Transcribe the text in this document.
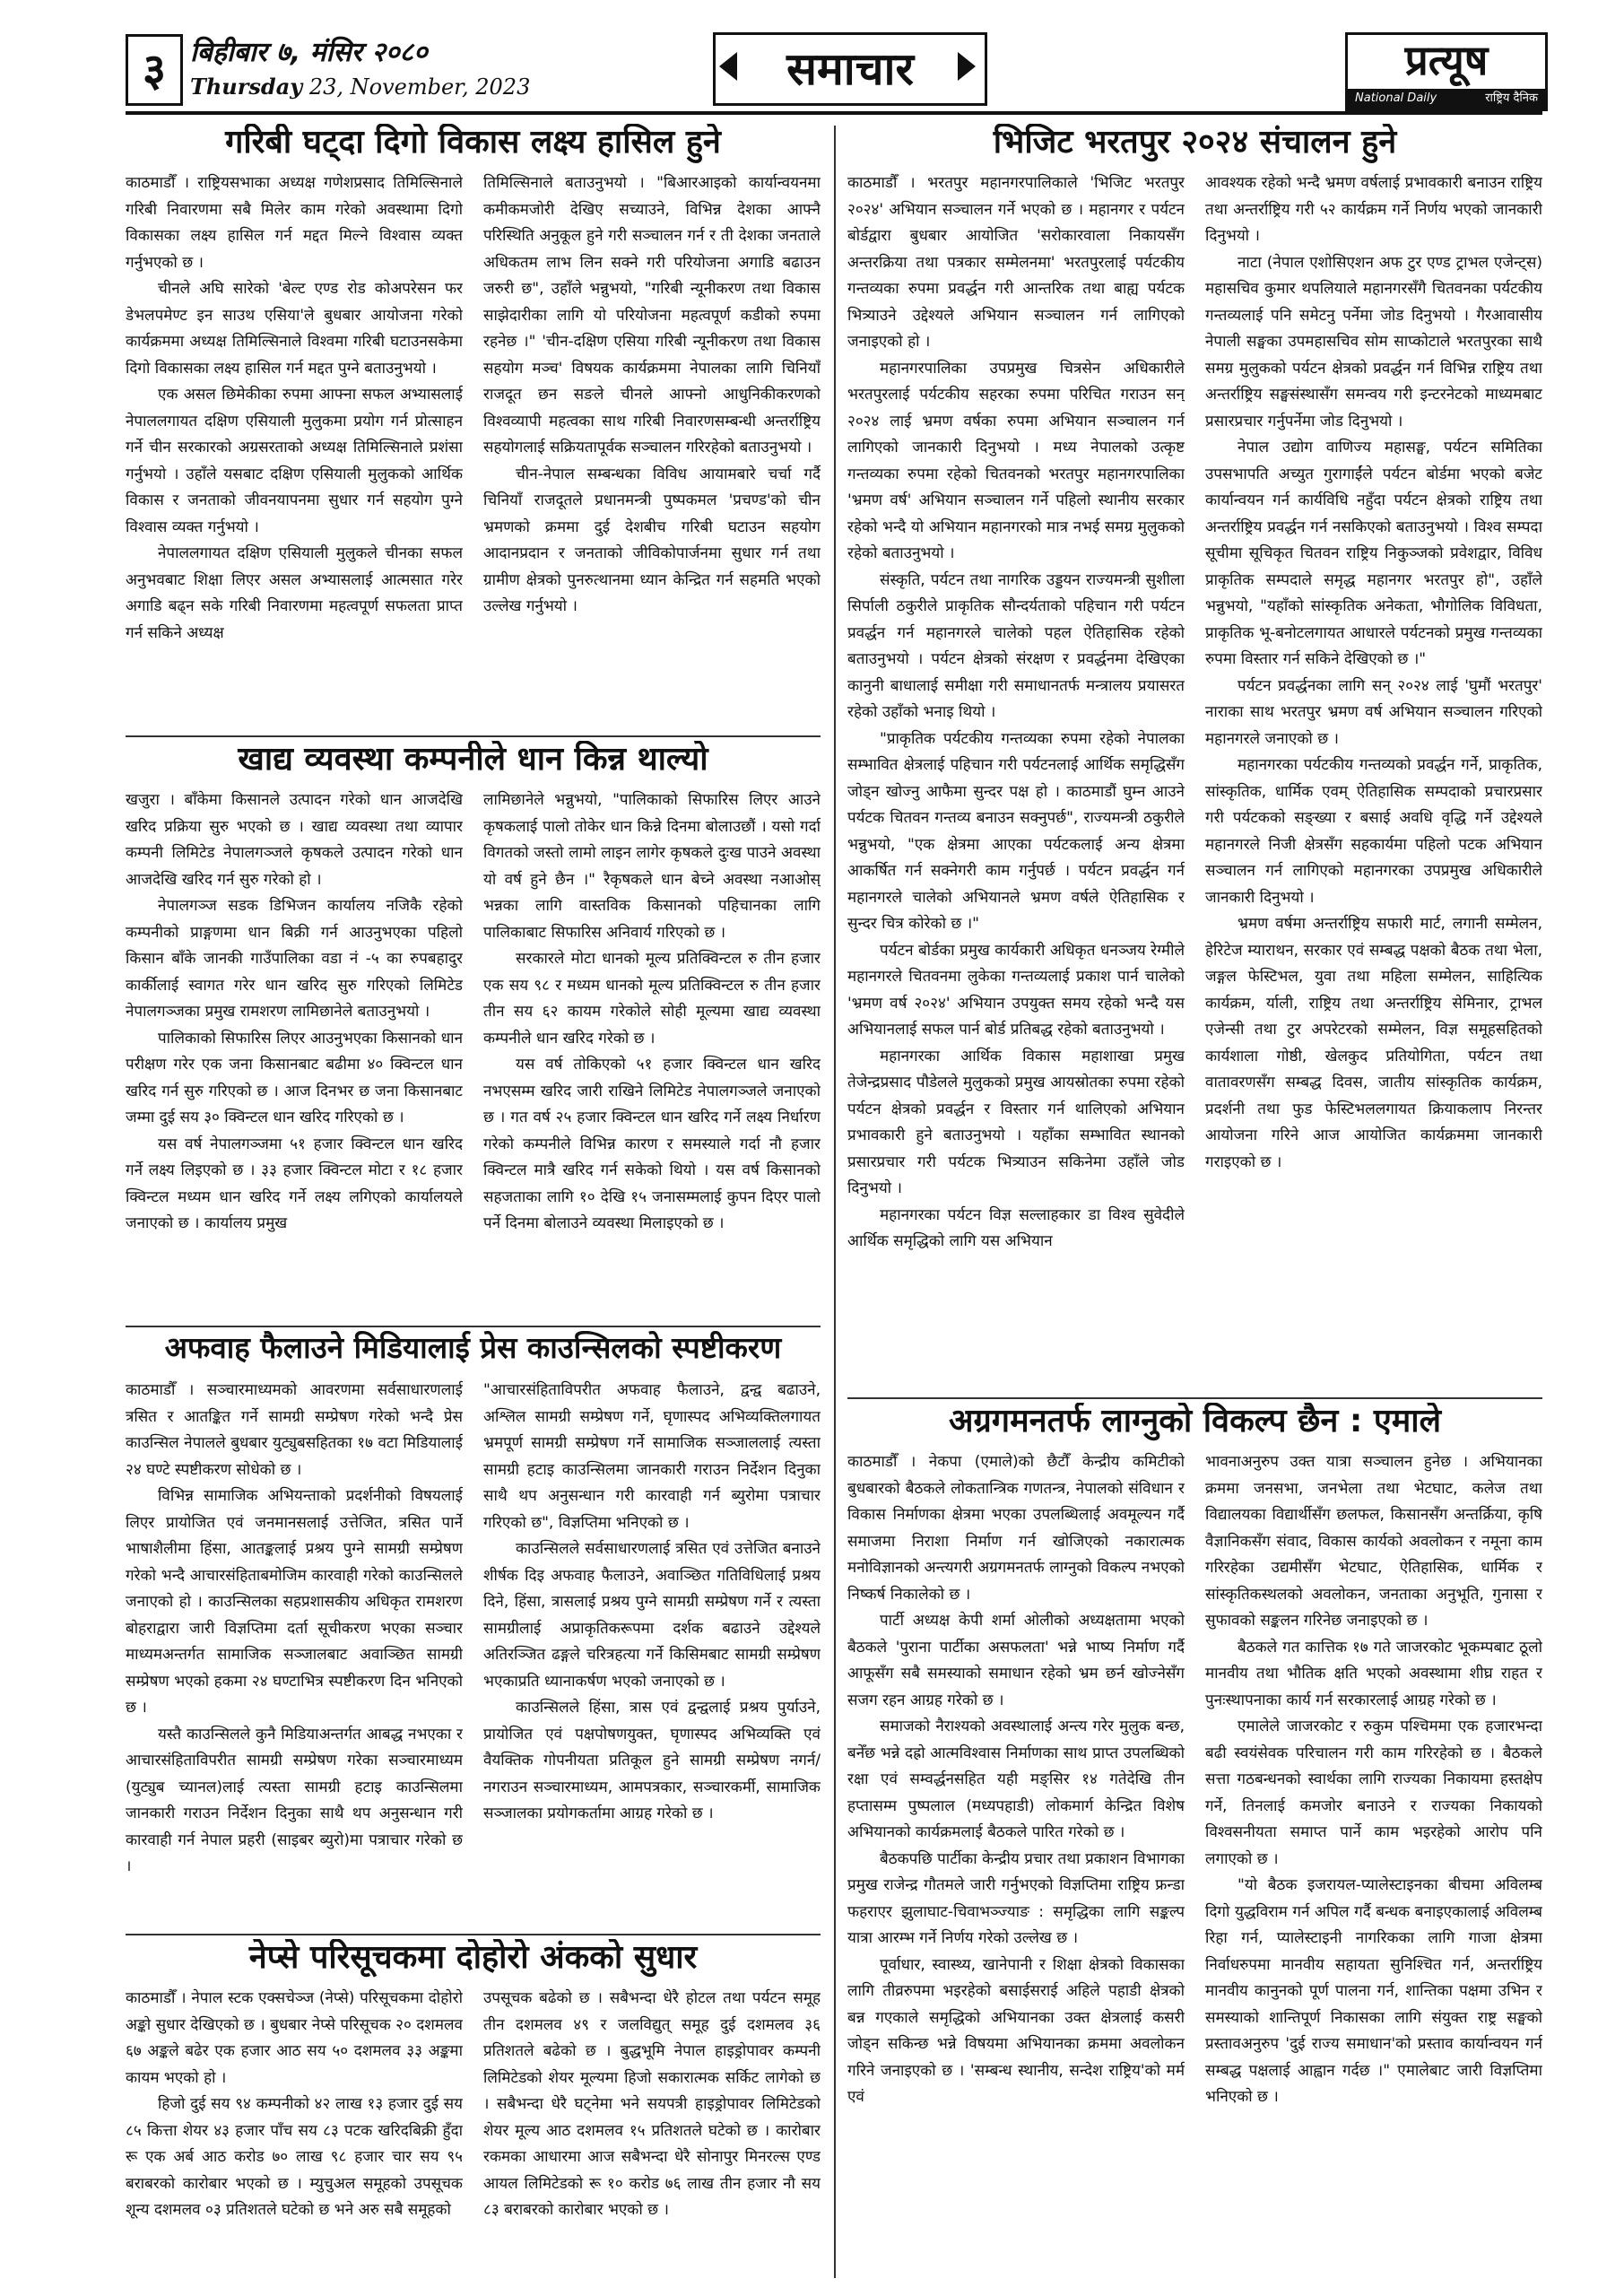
३ बिहीबार ७, मंसिर २०८०
Thursday 23, November, 2023	समाचार	प्रत्यूष
National Daily	राष्ट्रिय दैनिक
गरिबी घट्दा दिगो विकास लक्ष्य हासिल हुने

काठमाडौँ । राष्ट्रियसभाका अध्यक्ष गणेशप्रसाद तिमिल्सिनाले गरिबी निवारणमा सबै मिलेर काम गरेको अवस्थामा दिगो विकासका लक्ष्य हासिल गर्न मद्दत मिल्ने विश्वास व्यक्त गर्नुभएको छ ।

चीनले अघि सारेको 'बेल्ट एण्ड रोड कोअपरेसन फर डेभलपमेण्ट इन साउथ एसिया'ले बुधबार आयोजना गरेको कार्यक्रममा अध्यक्ष तिमिल्सिनाले विश्वमा गरिबी घटाउनसकेमा दिगो विकासका लक्ष्य हासिल गर्न मद्दत पुग्ने बताउनुभयो ।

एक असल छिमेकीका रुपमा आफ्ना सफल अभ्यासलाई नेपाललगायत दक्षिण एसियाली मुलुकमा प्रयोग गर्न प्रोत्साहन गर्ने चीन सरकारको अग्रसरताको अध्यक्ष तिमिल्सिनाले प्रशंसा गर्नुभयो । उहाँले यसबाट दक्षिण एसियाली मुलुकको आर्थिक विकास र जनताको जीवनयापनमा सुधार गर्न सहयोग पुग्ने विश्वास व्यक्त गर्नुभयो ।

नेपाललगायत दक्षिण एसियाली मुलुकले चीनका सफल अनुभवबाट शिक्षा लिएर असल अभ्यासलाई आत्मसात गरेर अगाडि बढ्न सके गरिबी निवारणमा महत्वपूर्ण सफलता प्राप्त गर्न सकिने अध्यक्ष

तिमिल्सिनाले बताउनुभयो । "बिआरआइको कार्यान्वयनमा कमीकमजोरी देखिए सच्याउने, विभिन्न देशका आफ्नै परिस्थिति अनुकूल हुने गरी सञ्चालन गर्न र ती देशका जनताले अधिकतम लाभ लिन सक्ने गरी परियोजना अगाडि बढाउन जरुरी छ", उहाँले भन्नुभयो, "गरिबी न्यूनीकरण तथा विकास साझेदारीका लागि यो परियोजना महत्वपूर्ण कडीको रुपमा रहनेछ ।" 'चीन-दक्षिण एसिया गरिबी न्यूनीकरण तथा विकास सहयोग मञ्च' विषयक कार्यक्रममा नेपालका लागि चिनियाँ राजदूत छन सङले चीनले आफ्नो आधुनिकीकरणको विश्वव्यापी महत्वका साथ गरिबी निवारणसम्बन्धी अन्तर्राष्ट्रिय सहयोगलाई सक्रियतापूर्वक सञ्चालन गरिरहेको बताउनुभयो ।

चीन-नेपाल सम्बन्धका विविध आयामबारे चर्चा गर्दै चिनियाँ राजदूतले प्रधानमन्त्री पुष्पकमल 'प्रचण्ड'को चीन भ्रमणको क्रममा दुई देशबीच गरिबी घटाउन सहयोग आदानप्रदान र जनताको जीविकोपार्जनमा सुधार गर्न तथा ग्रामीण क्षेत्रको पुनरुत्थानमा ध्यान केन्द्रित गर्न सहमति भएको उल्लेख गर्नुभयो ।

खाद्य व्यवस्था कम्पनीले धान किन्न थाल्यो

खजुरा । बाँकेमा किसानले उत्पादन गरेको धान आजदेखि खरिद प्रक्रिया सुरु भएको छ । खाद्य व्यवस्था तथा व्यापार कम्पनी लिमिटेड नेपालगञ्जले कृषकले उत्पादन गरेको धान आजदेखि खरिद गर्न सुरु गरेको हो ।

नेपालगञ्ज सडक डिभिजन कार्यालय नजिकै रहेको कम्पनीको प्राङ्गणमा धान बिक्री गर्न आउनुभएका पहिलो किसान बाँके जानकी गाउँपालिका वडा नं -५ का रुपबहादुर कार्कीलाई स्वागत गरेर धान खरिद सुरु गरिएको लिमिटेड नेपालगञ्जका प्रमुख रामशरण लामिछानेले बताउनुभयो ।

पालिकाको सिफारिस लिएर आउनुभएका किसानको धान परीक्षण गरेर एक जना किसानबाट बढीमा ४० क्विन्टल धान खरिद गर्न सुरु गरिएको छ । आज दिनभर छ जना किसानबाट जम्मा दुई सय ३० क्विन्टल धान खरिद गरिएको छ ।

यस वर्ष नेपालगञ्जमा ५१ हजार क्विन्टल धान खरिद गर्ने लक्ष्य लिइएको छ । ३३ हजार क्विन्टल मोटा र १८ हजार क्विन्टल मध्यम धान खरिद गर्ने लक्ष्य लगिएको कार्यालयले जनाएको छ । कार्यालय प्रमुख

लामिछानेले भन्नुभयो, "पालिकाको सिफारिस लिएर आउने कृषकलाई पालो तोकेर धान किन्ने दिनमा बोलाउछौं । यसो गर्दा विगतको जस्तो लामो लाइन लागेर कृषकले दुःख पाउने अवस्था यो वर्ष हुने छैन ।" रैकृषकले धान बेच्ने अवस्था नआओस् भन्नका लागि वास्तविक किसानको पहिचानका लागि पालिकाबाट सिफारिस अनिवार्य गरिएको छ ।

सरकारले मोटा धानको मूल्य प्रतिक्विन्टल रु तीन हजार एक सय ९८ र मध्यम धानको मूल्य प्रतिक्विन्टल रु तीन हजार तीन सय ६२ कायम गरेकोले सोही मूल्यमा खाद्य व्यवस्था कम्पनीले धान खरिद गरेको छ ।

यस वर्ष तोकिएको ५१ हजार क्विन्टल धान खरिद नभएसम्म खरिद जारी राखिने लिमिटेड नेपालगञ्जले जनाएको छ । गत वर्ष २५ हजार क्विन्टल धान खरिद गर्ने लक्ष्य निर्धारण गरेको कम्पनीले विभिन्न कारण र समस्याले गर्दा नौ हजार क्विन्टल मात्रै खरिद गर्न सकेको थियो । यस वर्ष किसानको सहजताका लागि १० देखि १५ जनासम्मलाई कुपन दिएर पालो पर्ने दिनमा बोलाउने व्यवस्था मिलाइएको छ ।

अफवाह फैलाउने मिडियालाई प्रेस काउन्सिलको स्पष्टीकरण

काठमाडौँ । सञ्चारमाध्यमको आवरणमा सर्वसाधारणलाई त्रसित र आतङ्कित गर्ने सामग्री सम्प्रेषण गरेको भन्दै प्रेस काउन्सिल नेपालले बुधबार युट्युबसहितका १७ वटा मिडियालाई २४ घण्टे स्पष्टीकरण सोधेको छ ।

विभिन्न सामाजिक अभियन्ताको प्रदर्शनीको विषयलाई लिएर प्रायोजित एवं जनमानसलाई उत्तेजित, त्रसित पार्ने भाषाशैलीमा हिंसा, आतङ्कलाई प्रश्रय पुग्ने सामग्री सम्प्रेषण गरेको भन्दै आचारसंहिताबमोजिम कारवाही गरेको काउन्सिलले जनाएको हो । काउन्सिलका सहप्रशासकीय अधिकृत रामशरण बोहराद्वारा जारी विज्ञप्तिमा दर्ता सूचीकरण भएका सञ्चार माध्यमअन्तर्गत सामाजिक सञ्जालबाट अवाञ्छित सामग्री सम्प्रेषण भएको हकमा २४ घण्टाभित्र स्पष्टीकरण दिन भनिएको छ ।

यस्तै काउन्सिलले कुनै मिडियाअन्तर्गत आबद्ध नभएका र आचारसंहिताविपरीत सामग्री सम्प्रेषण गरेका सञ्चारमाध्यम (युट्युब च्यानल)लाई त्यस्ता सामग्री हटाइ काउन्सिलमा जानकारी गराउन निर्देशन दिनुका साथै थप अनुसन्धान गरी कारवाही गर्न नेपाल प्रहरी (साइबर ब्युरो)मा पत्राचार गरेको छ ।

"आचारसंहिताविपरीत अफवाह फैलाउने, द्वन्द्व बढाउने, अश्लिल सामग्री सम्प्रेषण गर्ने, घृणास्पद अभिव्यक्तिलगायत भ्रमपूर्ण सामग्री सम्प्रेषण गर्ने सामाजिक सञ्जाललाई त्यस्ता सामग्री हटाइ काउन्सिलमा जानकारी गराउन निर्देशन दिनुका साथै थप अनुसन्धान गरी कारवाही गर्न ब्युरोमा पत्राचार गरिएको छ", विज्ञप्तिमा भनिएको छ ।

काउन्सिलले सर्वसाधारणलाई त्रसित एवं उत्तेजित बनाउने शीर्षक दिइ अफवाह फैलाउने, अवाञ्छित गतिविधिलाई प्रश्रय दिने, हिंसा, त्रासलाई प्रश्रय पुग्ने सामग्री सम्प्रेषण गर्ने र त्यस्ता सामग्रीलाई अप्राकृतिकरूपमा दर्शक बढाउने उद्देश्यले अतिरञ्जित ढङ्गले चरित्रहत्या गर्ने किसिमबाट सामग्री सम्प्रेषण भएकाप्रति ध्यानाकर्षण भएको जनाएको छ ।

काउन्सिलले हिंसा, त्रास एवं द्वन्द्वलाई प्रश्रय पुर्याउने, प्रायोजित एवं पक्षपोषणयुक्त, घृणास्पद अभिव्यक्ति एवं वैयक्तिक गोपनीयता प्रतिकूल हुने सामग्री सम्प्रेषण नगर्न/नगराउन सञ्चारमाध्यम, आमपत्रकार, सञ्चारकर्मी, सामाजिक सञ्जालका प्रयोगकर्तामा आग्रह गरेको छ ।

नेप्से परिसूचकमा दोहोरो अंकको सुधार

काठमाडौँ । नेपाल स्टक एक्सचेञ्ज (नेप्से) परिसूचकमा दोहोरो अङ्को सुधार देखिएको छ । बुधबार नेप्से परिसूचक २० दशमलव ६७ अङ्कले बढेर एक हजार आठ सय ५० दशमलव ३३ अङ्कमा कायम भएको हो ।

हिजो दुई सय ९४ कम्पनीको ४२ लाख १३ हजार दुई सय ८५ कित्ता शेयर ४३ हजार पाँच सय ८३ पटक खरिदबिक्री हुँदा रू एक अर्ब आठ करोड ७० लाख ९८ हजार चार सय ९५ बराबरको कारोबार भएको छ । म्युचुअल समूहको उपसूचक शून्य दशमलव ०३ प्रतिशतले घटेको छ भने अरु सबै समूहको

उपसूचक बढेको छ । सबैभन्दा धेरै होटल तथा पर्यटन समूह तीन दशमलव ४९ र जलविद्युत् समूह दुई दशमलव ३६ प्रतिशतले बढेको छ । बुद्धभूमि नेपाल हाइड्रोपावर कम्पनी लिमिटेडको शेयर मूल्यमा हिजो सकारात्मक सर्किट लागेको छ । सबैभन्दा धेरै घट्नेमा भने सयपत्री हाइड्रोपावर लिमिटेडको शेयर मूल्य आठ दशमलव १५ प्रतिशतले घटेको छ । कारोबार रकमका आधारमा आज सबैभन्दा धेरै सोनापुर मिनरल्स एण्ड आयल लिमिटेडको रू १० करोड ७६ लाख तीन हजार नौ सय ८३ बराबरको कारोबार भएको छ ।

भिजिट भरतपुर २०२४ संचालन हुने

काठमाडौँ । भरतपुर महानगरपालिकाले 'भिजिट भरतपुर २०२४' अभियान सञ्चालन गर्ने भएको छ । महानगर र पर्यटन बोर्डद्वारा बुधबार आयोजित 'सरोकारवाला निकायसँग अन्तरक्रिया तथा पत्रकार सम्मेलनमा' भरतपुरलाई पर्यटकीय गन्तव्यका रुपमा प्रवर्द्धन गरी आन्तरिक तथा बाह्य पर्यटक भित्र्याउने उद्देश्यले अभियान सञ्चालन गर्न लागिएको जनाइएको हो ।

महानगरपालिका उपप्रमुख चित्रसेन अधिकारीले भरतपुरलाई पर्यटकीय सहरका रुपमा परिचित गराउन सन् २०२४ लाई भ्रमण वर्षका रुपमा अभियान सञ्चालन गर्न लागिएको जानकारी दिनुभयो । मध्य नेपालको उत्कृष्ट गन्तव्यका रुपमा रहेको चितवनको भरतपुर महानगरपालिका 'भ्रमण वर्ष' अभियान सञ्चालन गर्ने पहिलो स्थानीय सरकार रहेको भन्दै यो अभियान महानगरको मात्र नभई समग्र मुलुकको रहेको बताउनुभयो ।

संस्कृति, पर्यटन तथा नागरिक उड्डयन राज्यमन्त्री सुशीला सिर्पाली ठकुरीले प्राकृतिक सौन्दर्यताको पहिचान गरी पर्यटन प्रवर्द्धन गर्न महानगरले चालेको पहल ऐतिहासिक रहेको बताउनुभयो । पर्यटन क्षेत्रको संरक्षण र प्रवर्द्धनमा देखिएका कानुनी बाधालाई समीक्षा गरी समाधानतर्फ मन्त्रालय प्रयासरत रहेको उहाँको भनाइ थियो ।

"प्राकृतिक पर्यटकीय गन्तव्यका रुपमा रहेको नेपालका सम्भावित क्षेत्रलाई पहिचान गरी पर्यटनलाई आर्थिक समृद्धिसँग जोड्न खोज्नु आफैमा सुन्दर पक्ष हो । काठमाडौं घुम्न आउने पर्यटक चितवन गन्तव्य बनाउन सक्नुपर्छ", राज्यमन्त्री ठकुरीले भन्नुभयो, "एक क्षेत्रमा आएका पर्यटकलाई अन्य क्षेत्रमा आकर्षित गर्न सक्नेगरी काम गर्नुपर्छ । पर्यटन प्रवर्द्धन गर्न महानगरले चालेको अभियानले भ्रमण वर्षले ऐतिहासिक र सुन्दर चित्र कोरेको छ ।"

पर्यटन बोर्डका प्रमुख कार्यकारी अधिकृत धनञ्जय रेग्मीले महानगरले चितवनमा लुकेका गन्तव्यलाई प्रकाश पार्न चालेको 'भ्रमण वर्ष २०२४' अभियान उपयुक्त समय रहेको भन्दै यस अभियानलाई सफल पार्न बोर्ड प्रतिबद्ध रहेको बताउनुभयो ।

महानगरका आर्थिक विकास महाशाखा प्रमुख तेजेन्द्रप्रसाद पौडेलले मुलुकको प्रमुख आयस्रोतका रुपमा रहेको पर्यटन क्षेत्रको प्रवर्द्धन र विस्तार गर्न थालिएको अभियान प्रभावकारी हुने बताउनुभयो । यहाँका सम्भावित स्थानको प्रसारप्रचार गरी पर्यटक भित्र्याउन सकिनेमा उहाँले जोड दिनुभयो ।

महानगरका पर्यटन विज्ञ सल्लाहकार डा विश्व सुवेदीले आर्थिक समृद्धिको लागि यस अभियान

आवश्यक रहेको भन्दै भ्रमण वर्षलाई प्रभावकारी बनाउन राष्ट्रिय तथा अन्तर्राष्ट्रिय गरी ५२ कार्यक्रम गर्ने निर्णय भएको जानकारी दिनुभयो ।

नाटा (नेपाल एशोसिएशन अफ टुर एण्ड ट्राभल एजेन्ट्स) महासचिव कुमार थपलियाले महानगरसँगै चितवनका पर्यटकीय गन्तव्यलाई पनि समेटनु पर्नेमा जोड दिनुभयो । गैरआवासीय नेपाली सङ्घका उपमहासचिव सोम साप्कोटाले भरतपुरका साथै समग्र मुलुकको पर्यटन क्षेत्रको प्रवर्द्धन गर्न विभिन्न राष्ट्रिय तथा अन्तर्राष्ट्रिय सङ्घसंस्थासँग समन्वय गरी इन्टरनेटको माध्यमबाट प्रसारप्रचार गर्नुपर्नेमा जोड दिनुभयो ।

नेपाल उद्योग वाणिज्य महासङ्घ, पर्यटन समितिका उपसभापति अच्युत गुरागाईंले पर्यटन बोर्डमा भएको बजेट कार्यान्वयन गर्न कार्यविधि नहुँदा पर्यटन क्षेत्रको राष्ट्रिय तथा अन्तर्राष्ट्रिय प्रवर्द्धन गर्न नसकिएको बताउनुभयो । विश्व सम्पदा सूचीमा सूचिकृत चितवन राष्ट्रिय निकुञ्जको प्रवेशद्वार, विविध प्राकृतिक सम्पदाले समृद्ध महानगर भरतपुर हो", उहाँले भन्नुभयो, "यहाँको सांस्कृतिक अनेकता, भौगोलिक विविधता, प्राकृतिक भू-बनोटलगायत आधारले पर्यटनको प्रमुख गन्तव्यका रुपमा विस्तार गर्न सकिने देखिएको छ ।"

पर्यटन प्रवर्द्धनका लागि सन् २०२४ लाई 'घुमौं भरतपुर' नाराका साथ भरतपुर भ्रमण वर्ष अभियान सञ्चालन गरिएको महानगरले जनाएको छ ।

महानगरका पर्यटकीय गन्तव्यको प्रवर्द्धन गर्ने, प्राकृतिक, सांस्कृतिक, धार्मिक एवम् ऐतिहासिक सम्पदाको प्रचारप्रसार गरी पर्यटकको सङ्ख्या र बसाई अवधि वृद्धि गर्ने उद्देश्यले महानगरले निजी क्षेत्रसँग सहकार्यमा पहिलो पटक अभियान सञ्चालन गर्न लागिएको महानगरका उपप्रमुख अधिकारीले जानकारी दिनुभयो ।

भ्रमण वर्षमा अन्तर्राष्ट्रिय सफारी मार्ट, लगानी सम्मेलन, हेरिटेज म्याराथन, सरकार एवं सम्बद्ध पक्षको बैठक तथा भेला, जङ्गल फेस्टिभल, युवा तथा महिला सम्मेलन, साहित्यिक कार्यक्रम, र्याली, राष्ट्रिय तथा अन्तर्राष्ट्रिय सेमिनार, ट्राभल एजेन्सी तथा टुर अपरेटरको सम्मेलन, विज्ञ समूहसहितको कार्यशाला गोष्ठी, खेलकुद प्रतियोगिता, पर्यटन तथा वातावरणसँग सम्बद्ध दिवस, जातीय सांस्कृतिक कार्यक्रम, प्रदर्शनी तथा फुड फेस्टिभललगायत क्रियाकलाप निरन्तर आयोजना गरिने आज आयोजित कार्यक्रममा जानकारी गराइएको छ ।

अग्रगमनतर्फ लाग्नुको विकल्प छैन : एमाले

काठमाडौँ । नेकपा (एमाले)को छैटौँ केन्द्रीय कमिटीको बुधबारको बैठकले लोकतान्त्रिक गणतन्त्र, नेपालको संविधान र विकास निर्माणका क्षेत्रमा भएका उपलब्धिलाई अवमूल्यन गर्दै समाजमा निराशा निर्माण गर्न खोजिएको नकारात्मक मनोविज्ञानको अन्त्यगरी अग्रगमनतर्फ लाग्नुको विकल्प नभएको निष्कर्ष निकालेको छ ।

पार्टी अध्यक्ष केपी शर्मा ओलीको अध्यक्षतामा भएको बैठकले 'पुराना पार्टीका असफलता' भन्ने भाष्य निर्माण गर्दै आफूसँग सबै समस्याको समाधान रहेको भ्रम छर्न खोज्नेसँग सजग रहन आग्रह गरेको छ ।

समाजको नैराश्यको अवस्थालाई अन्त्य गरेर मुलुक बन्छ, बनेँछ भन्ने दह्रो आत्मविश्वास निर्माणका साथ प्राप्त उपलब्धिको रक्षा एवं सम्वर्द्धनसहित यही मङ्सिर १४ गतेदेखि तीन हप्तासम्म पुष्पलाल (मध्यपहाडी) लोकमार्ग केन्द्रित विशेष अभियानको कार्यक्रमलाई बैठकले पारित गरेको छ ।

बैठकपछि पार्टीका केन्द्रीय प्रचार तथा प्रकाशन विभागका प्रमुख राजेन्द्र गौतमले जारी गर्नुभएको विज्ञप्तिमा राष्ट्रिय फ्रन्डा फहराएर झुलाघाट-चिवाभञ्ज्याङ : समृद्धिका लागि सङ्कल्प यात्रा आरम्भ गर्ने निर्णय गरेको उल्लेख छ ।

पूर्वाधार, स्वास्थ्य, खानेपानी र शिक्षा क्षेत्रको विकासका लागि तीव्ररुपमा भइरहेको बसाईसराई अहिले पहाडी क्षेत्रको बन्न गएकाले समृद्धिको अभियानका उक्त क्षेत्रलाई कसरी जोड्न सकिन्छ भन्ने विषयमा अभियानका क्रममा अवलोकन गरिने जनाइएको छ । 'सम्बन्ध स्थानीय, सन्देश राष्ट्रिय'को मर्म एवं

भावनाअनुरुप उक्त यात्रा सञ्चालन हुनेछ । अभियानका क्रममा जनसभा, जनभेला तथा भेटघाट, कलेज तथा विद्यालयका विद्यार्थीसँग छलफल, किसानसँग अन्तर्क्रिया, कृषि वैज्ञानिकसँग संवाद, विकास कार्यको अवलोकन र नमूना काम गरिरहेका उद्यमीसँग भेटघाट, ऐतिहासिक, धार्मिक र सांस्कृतिकस्थलको अवलोकन, जनताका अनुभूति, गुनासा र सुफावको सङ्कलन गरिनेछ जनाइएको छ ।

बैठकले गत कात्तिक १७ गते जाजरकोट भूकम्पबाट ठूलो मानवीय तथा भौतिक क्षति भएको अवस्थामा शीघ्र राहत र पुनःस्थापनाका कार्य गर्न सरकारलाई आग्रह गरेको छ ।

एमालेले जाजरकोट र रुकुम पश्चिममा एक हजारभन्दा बढी स्वयंसेवक परिचालन गरी काम गरिरहेको छ । बैठकले सत्ता गठबन्धनको स्वार्थका लागि राज्यका निकायमा हस्तक्षेप गर्ने, तिनलाई कमजोर बनाउने र राज्यका निकायको विश्वसनीयता समाप्त पार्ने काम भइरहेको आरोप पनि लगाएको छ ।

"यो बैठक इजरायल-प्यालेस्टाइनका बीचमा अविलम्ब दिगो युद्धविराम गर्न अपिल गर्दै बन्धक बनाइएकालाई अविलम्ब रिहा गर्न, प्यालेस्टाइनी नागरिकका लागि गाजा क्षेत्रमा निर्वाधरुपमा मानवीय सहायता सुनिश्चित गर्न, अन्तर्राष्ट्रिय मानवीय कानुनको पूर्ण पालना गर्न, शान्तिका पक्षमा उभिन र समस्याको शान्तिपूर्ण निकासका लागि संयुक्त राष्ट्र सङ्घको प्रस्तावअनुरुप 'दुई राज्य समाधान'को प्रस्ताव कार्यान्वयन गर्न सम्बद्ध पक्षलाई आह्वान गर्दछ ।" एमालेबाट जारी विज्ञप्तिमा भनिएको छ ।
